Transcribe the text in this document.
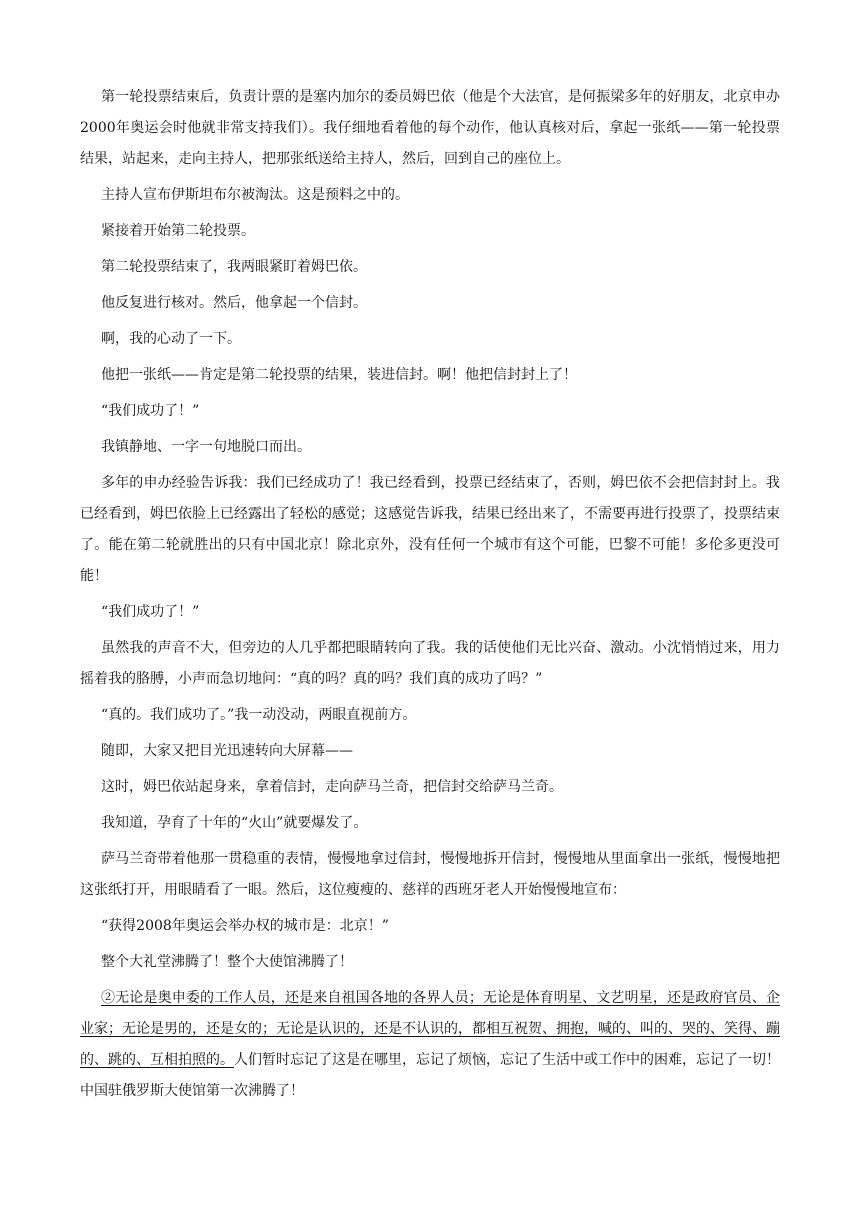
第一轮投票结束后，负责计票的是塞内加尔的委员姆巴依（他是个大法官，是何振梁多年的好朋友，北京申办2000年奥运会时他就非常支持我们）。我仔细地看着他的每个动作，他认真核对后，拿起一张纸——第一轮投票结果，站起来，走向主持人，把那张纸送给主持人，然后，回到自己的座位上。

主持人宣布伊斯坦布尔被淘汰。这是预料之中的。

紧接着开始第二轮投票。

第二轮投票结束了，我两眼紧盯着姆巴依。

他反复进行核对。然后，他拿起一个信封。

啊，我的心动了一下。

他把一张纸——肯定是第二轮投票的结果，装进信封。啊！他把信封封上了！

“我们成功了！”

我镇静地、一字一句地脱口而出。

多年的申办经验告诉我：我们已经成功了！我已经看到，投票已经结束了，否则，姆巴依不会把信封封上。我已经看到，姆巴依脸上已经露出了轻松的感觉；这感觉告诉我，结果已经出来了，不需要再进行投票了，投票结束了。能在第二轮就胜出的只有中国北京！除北京外，没有任何一个城市有这个可能，巴黎不可能！多伦多更没可能！

“我们成功了！”

虽然我的声音不大，但旁边的人几乎都把眼睛转向了我。我的话使他们无比兴奋、激动。小沈悄悄过来，用力摇着我的胳膊，小声而急切地问：“真的吗？真的吗？我们真的成功了吗？”

“真的。我们成功了。”我一动没动，两眼直视前方。

随即，大家又把目光迅速转向大屏幕——

这时，姆巴依站起身来，拿着信封，走向萨马兰奇，把信封交给萨马兰奇。

我知道，孕育了十年的“火山”就要爆发了。

萨马兰奇带着他那一贯稳重的表情，慢慢地拿过信封，慢慢地拆开信封，慢慢地从里面拿出一张纸，慢慢地把这张纸打开，用眼睛看了一眼。然后，这位瘦瘦的、慈祥的西班牙老人开始慢慢地宣布：

“获得2008年奥运会举办权的城市是：北京！”

整个大礼堂沸腾了！整个大使馆沸腾了！

②无论是奥申委的工作人员，还是来自祖国各地的各界人员；无论是体育明星、文艺明星，还是政府官员、企业家；无论是男的，还是女的；无论是认识的，还是不认识的，都相互祝贺、拥抱，喊的、叫的、哭的、笑得、蹦的、跳的、互相拍照的。人们暂时忘记了这是在哪里，忘记了烦恼，忘记了生活中或工作中的困难，忘记了一切！中国驻俄罗斯大使馆第一次沸腾了！
